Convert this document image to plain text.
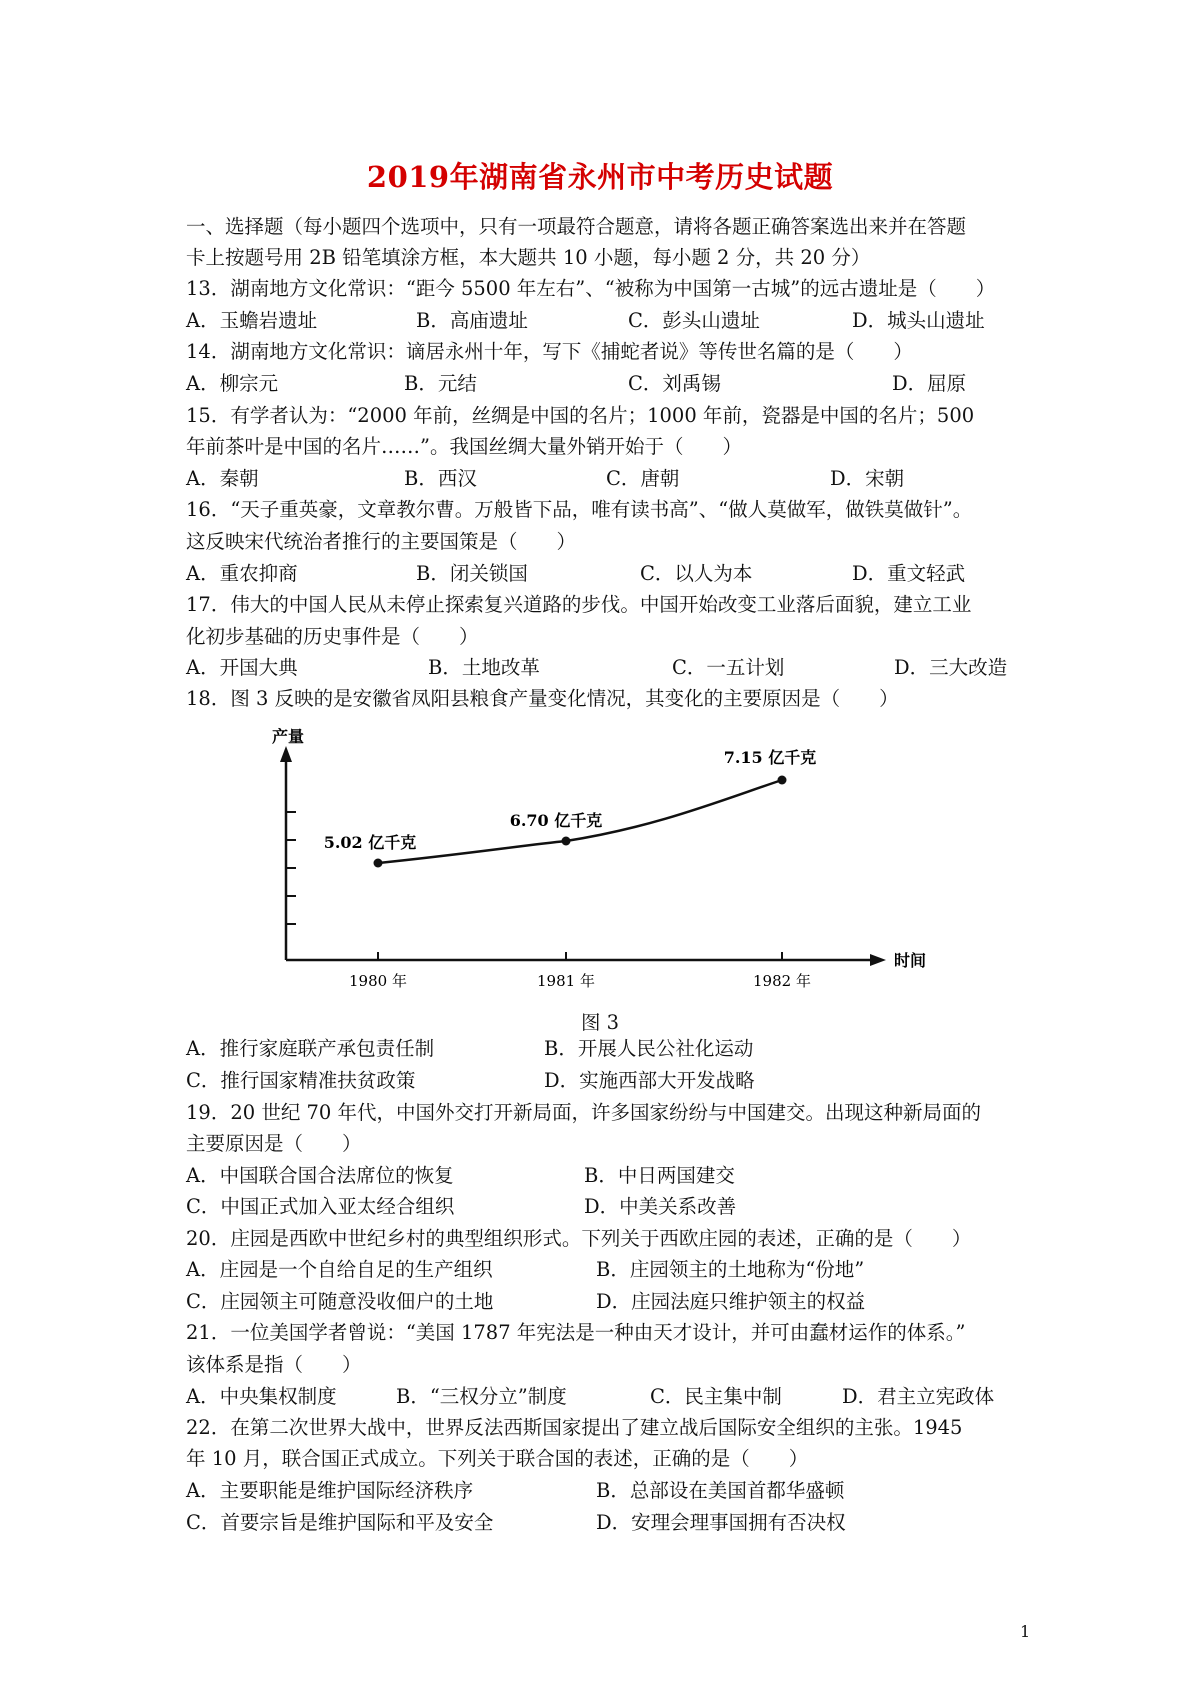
2019年湖南省永州市中考历史试题
一、选择题（每小题四个选项中，只有一项最符合题意，请将各题正确答案选出来并在答题
卡上按题号用 2B 铅笔填涂方框，本大题共 10 小题，每小题 2 分，共 20 分）
13．湖南地方文化常识：“距今 5500 年左右”、“被称为中国第一古城”的远古遗址是（　　）
A．玉蟾岩遗址	B．高庙遗址	C．彭头山遗址	D．城头山遗址
14．湖南地方文化常识：谪居永州十年，写下《捕蛇者说》等传世名篇的是（　　）
A．柳宗元	B．元结	C．刘禹锡	D．屈原
15．有学者认为：“2000 年前，丝绸是中国的名片；1000 年前，瓷器是中国的名片；500
年前茶叶是中国的名片……”。我国丝绸大量外销开始于（　　）
A．秦朝	B．西汉	C．唐朝	D．宋朝
16．“天子重英豪，文章教尔曹。万般皆下品，唯有读书高”、“做人莫做军，做铁莫做针”。
这反映宋代统治者推行的主要国策是（　　）
A．重农抑商	B．闭关锁国	C．以人为本	D．重文轻武
17．伟大的中国人民从未停止探索复兴道路的步伐。中国开始改变工业落后面貌，建立工业
化初步基础的历史事件是（　　）
A．开国大典	B．土地改革	C．一五计划	D．三大改造
18．图 3 反映的是安徽省凤阳县粮食产量变化情况，其变化的主要原因是（　　）
产量
时间
1980 年	1981 年	1982 年
5.02 亿千克
6.70 亿千克
7.15 亿千克
图 3
A．推行家庭联产承包责任制	B．开展人民公社化运动
C．推行国家精准扶贫政策	D．实施西部大开发战略
19．20 世纪 70 年代，中国外交打开新局面，许多国家纷纷与中国建交。出现这种新局面的
主要原因是（　　）
A．中国联合国合法席位的恢复	B．中日两国建交
C．中国正式加入亚太经合组织	D．中美关系改善
20．庄园是西欧中世纪乡村的典型组织形式。下列关于西欧庄园的表述，正确的是（　　）
A．庄园是一个自给自足的生产组织	B．庄园领主的土地称为“份地”
C．庄园领主可随意没收佃户的土地	D．庄园法庭只维护领主的权益
21．一位美国学者曾说：“美国 1787 年宪法是一种由天才设计，并可由蠢材运作的体系。”
该体系是指（　　）
A．中央集权制度	B．“三权分立”制度	C．民主集中制	D．君主立宪政体
22．在第二次世界大战中，世界反法西斯国家提出了建立战后国际安全组织的主张。1945
年 10 月，联合国正式成立。下列关于联合国的表述，正确的是（　　）
A．主要职能是维护国际经济秩序	B．总部设在美国首都华盛顿
C．首要宗旨是维护国际和平及安全	D．安理会理事国拥有否决权
1
